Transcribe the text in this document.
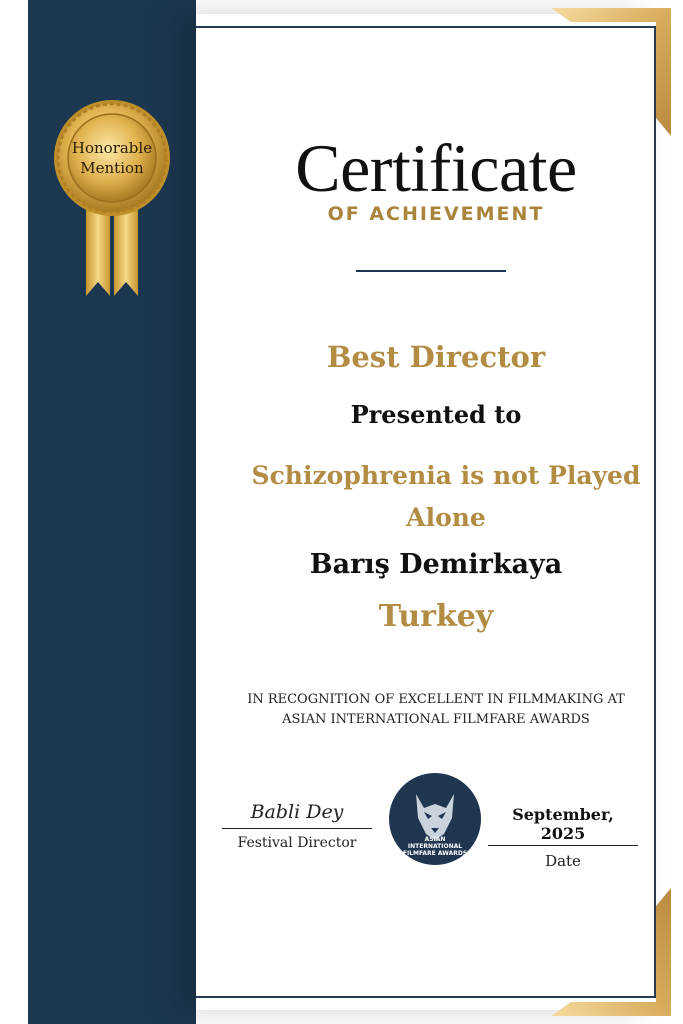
Honorable
Mention	Certificate
OF ACHIEVEMENT
Best Director
Presented to
Schizophrenia is not Played
Alone
Barış Demirkaya
Turkey
IN RECOGNITION OF EXCELLENT IN FILMMAKING AT
ASIAN INTERNATIONAL FILMFARE AWARDS
Babli Dey
Festival Director	ASIAN
INTERNATIONAL
FILMFARE AWARDS
September, 2025
Date
